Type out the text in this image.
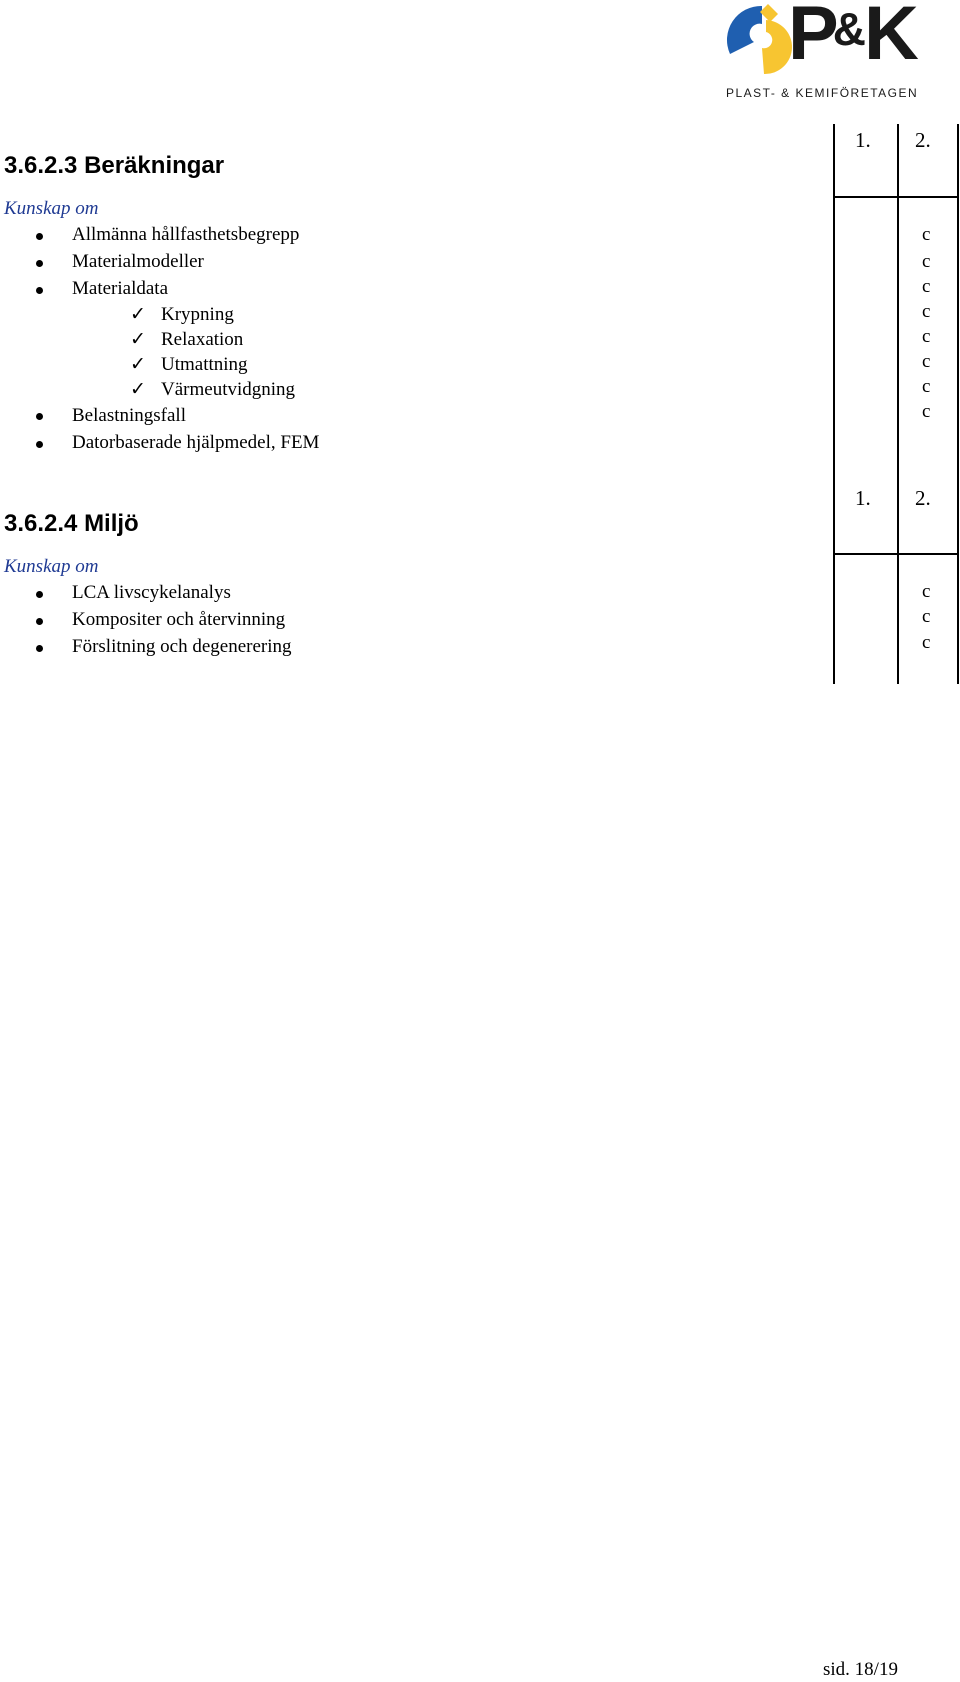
P&K
PLAST- & KEMIFÖRETAGEN
1. 2.
1. 2.
3.6.2.3 Beräkningar
Kunskap om
Allmänna hållfasthetsbegrepp	c
Materialmodeller	c
Materialdata	c
✓ Krypning	c
✓ Relaxation	c
✓ Utmattning	c
✓ Värmeutvidgning	c
Belastningsfall	c
Datorbaserade hjälpmedel, FEM
3.6.2.4 Miljö
Kunskap om
LCA livscykelanalys	c
Kompositer och återvinning	c
Förslitning och degenerering	c
sid. 18/19
